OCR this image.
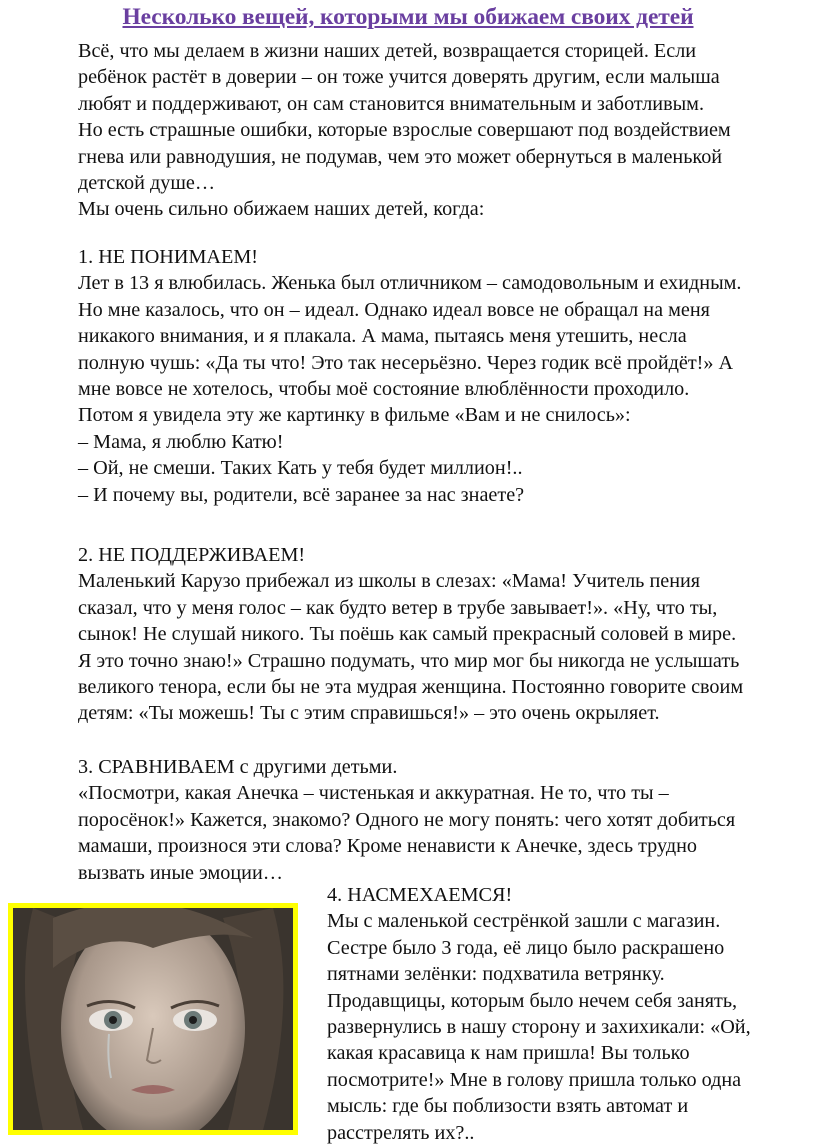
Несколько вещей, которыми мы обижаем своих детей
Всё, что мы делаем в жизни наших детей, возвращается сторицей. Если
ребёнок растёт в доверии – он тоже учится доверять другим, если малыша
любят и поддерживают, он сам становится внимательным и заботливым.
Но есть страшные ошибки, которые взрослые совершают под воздействием
гнева или равнодушия, не подумав, чем это может обернуться в маленькой
детской душе…
Мы очень сильно обижаем наших детей, когда:
1. НЕ ПОНИМАЕМ!
Лет в 13 я влюбилась. Женька был отличником – самодовольным и ехидным.
Но мне казалось, что он – идеал. Однако идеал вовсе не обращал на меня
никакого внимания, и я плакала. А мама, пытаясь меня утешить, несла
полную чушь: «Да ты что! Это так несерьёзно. Через годик всё пройдёт!» А
мне вовсе не хотелось, чтобы моё состояние влюблённости проходило.
Потом я увидела эту же картинку в фильме «Вам и не снилось»:
– Мама, я люблю Катю!
– Ой, не смеши. Таких Кать у тебя будет миллион!..
– И почему вы, родители, всё заранее за нас знаете?
2. НЕ ПОДДЕРЖИВАЕМ!
Маленький Карузо прибежал из школы в слезах: «Мама! Учитель пения
сказал, что у меня голос – как будто ветер в трубе завывает!». «Ну, что ты,
сынок! Не слушай никого. Ты поёшь как самый прекрасный соловей в мире.
Я это точно знаю!» Страшно подумать, что мир мог бы никогда не услышать
великого тенора, если бы не эта мудрая женщина. Постоянно говорите своим
детям: «Ты можешь! Ты с этим справишься!» – это очень окрыляет.
3. СРАВНИВАЕМ с другими детьми.
«Посмотри, какая Анечка – чистенькая и аккуратная. Не то, что ты –
поросёнок!» Кажется, знакомо? Одного не могу понять: чего хотят добиться
мамаши, произнося эти слова? Кроме ненависти к Анечке, здесь трудно
вызвать иные эмоции…
4. НАСМЕХАЕМСЯ!
Мы с маленькой сестрёнкой зашли с магазин.
Сестре было 3 года, её лицо было раскрашено
пятнами зелёнки: подхватила ветрянку.
Продавщицы, которым было нечем себя занять,
развернулись в нашу сторону и захихикали: «Ой,
какая красавица к нам пришла! Вы только
посмотрите!» Мне в голову пришла только одна
мысль: где бы поблизости взять автомат и
расстрелять их?..
